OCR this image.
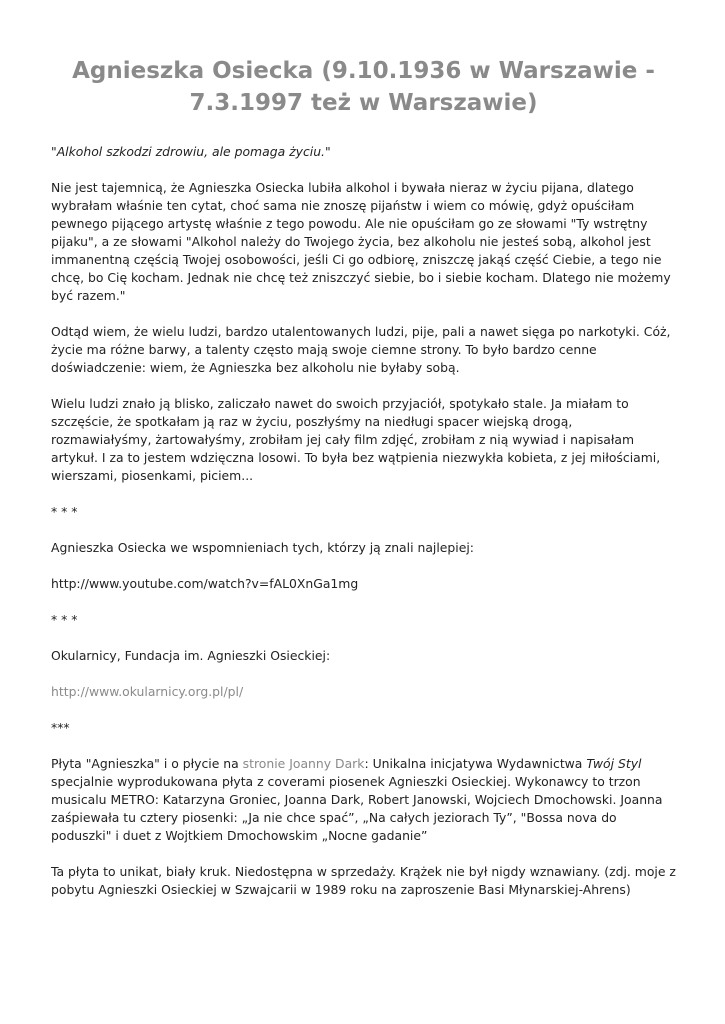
Agnieszka Osiecka (9.10.1936 w Warszawie - 7.3.1997 też w Warszawie)

"Alkohol szkodzi zdrowiu, ale pomaga życiu."

Nie jest tajemnicą, że Agnieszka Osiecka lubiła alkohol i bywała nieraz w życiu pijana, dlatego wybrałam właśnie ten cytat, choć sama nie znoszę pijaństw i wiem co mówię, gdyż opuściłam pewnego pijącego artystę właśnie z tego powodu. Ale nie opuściłam go ze słowami "Ty wstrętny pijaku", a ze słowami "Alkohol należy do Twojego życia, bez alkoholu nie jesteś sobą, alkohol jest immanentną częścią Twojej osobowości, jeśli Ci go odbiorę, zniszczę jakąś część Ciebie, a tego nie chcę, bo Cię kocham. Jednak nie chcę też zniszczyć siebie, bo i siebie kocham. Dlatego nie możemy być razem."

Odtąd wiem, że wielu ludzi, bardzo utalentowanych ludzi, pije, pali a nawet sięga po narkotyki. Cóż, życie ma różne barwy, a talenty często mają swoje ciemne strony. To było bardzo cenne doświadczenie: wiem, że Agnieszka bez alkoholu nie byłaby sobą.

Wielu ludzi znało ją blisko, zaliczało nawet do swoich przyjaciół, spotykało stale. Ja miałam to szczęście, że spotkałam ją raz w życiu, poszłyśmy na niedługi spacer wiejską drogą, rozmawiałyśmy, żartowałyśmy, zrobiłam jej cały film zdjęć, zrobiłam z nią wywiad i napisałam artykuł. I za to jestem wdzięczna losowi. To była bez wątpienia niezwykła kobieta, z jej miłościami, wierszami, piosenkami, piciem...

* * *

Agnieszka Osiecka we wspomnieniach tych, którzy ją znali najlepiej:

http://www.youtube.com/watch?v=fAL0XnGa1mg

* * *

Okularnicy, Fundacja im. Agnieszki Osieckiej:

http://www.okularnicy.org.pl/pl/

***

Płyta "Agnieszka" i o płycie na stronie Joanny Dark: Unikalna inicjatywa Wydawnictwa Twój Styl specjalnie wyprodukowana płyta z coverami piosenek Agnieszki Osieckiej. Wykonawcy to trzon musicalu METRO: Katarzyna Groniec, Joanna Dark, Robert Janowski, Wojciech Dmochowski. Joanna zaśpiewała tu cztery piosenki: „Ja nie chce spać”, „Na całych jeziorach Ty”, "Bossa nova do poduszki" i duet z Wojtkiem Dmochowskim „Nocne gadanie”

Ta płyta to unikat, biały kruk. Niedostępna w sprzedaży. Krążek nie był nigdy wznawiany. (zdj. moje z pobytu Agnieszki Osieckiej w Szwajcarii w 1989 roku na zaproszenie Basi Młynarskiej-Ahrens)
